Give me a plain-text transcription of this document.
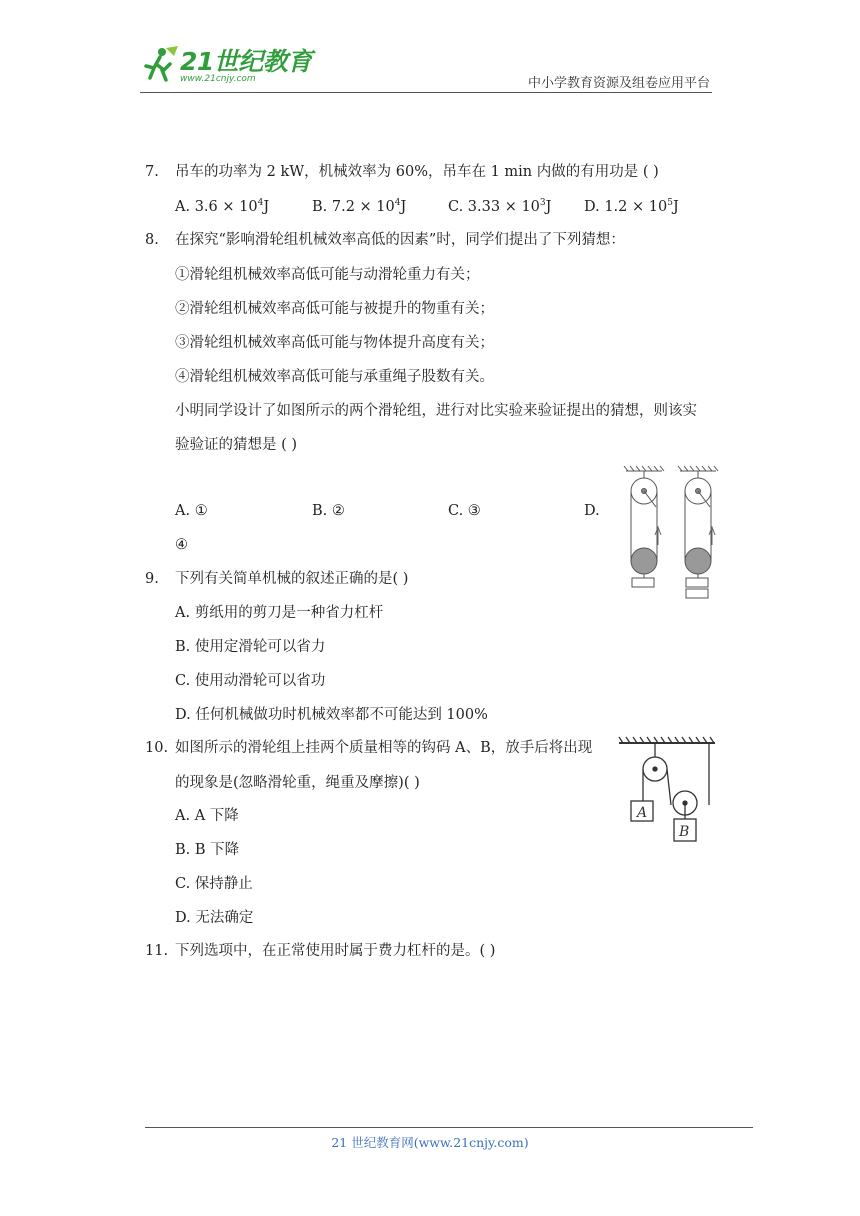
21世纪教育
www.21cnjy.com	中小学教育资源及组卷应用平台
7. 吊车的功率为 2 kW，机械效率为 60%，吊车在 1 min 内做的有用功是 ( )
A. $3.6 \times 10^4J$	B. $7.2 \times 10^4J$	C. $3.33 \times 10^3J$ D. $1.2 \times 10^5J$
8. 在探究“影响滑轮组机械效率高低的因素”时，同学们提出了下列猜想：
①滑轮组机械效率高低可能与动滑轮重力有关；
②滑轮组机械效率高低可能与被提升的物重有关；
③滑轮组机械效率高低可能与物体提升高度有关；
④滑轮组机械效率高低可能与承重绳子股数有关。
小明同学设计了如图所示的两个滑轮组，进行对比实验来验证提出的猜想，则该实
验验证的猜想是 ( )
A. ①	B. ②	C. ③	D.
④
9. 下列有关简单机械的叙述正确的是( )
A. 剪纸用的剪刀是一种省力杠杆
B. 使用定滑轮可以省力
C. 使用动滑轮可以省功
D. 任何机械做功时机械效率都不可能达到 100%
10. 如图所示的滑轮组上挂两个质量相等的钩码 A、B，放手后将出现
的现象是(忽略滑轮重，绳重及摩擦)( )
A. A 下降
B. B 下降
C. 保持静止
D. 无法确定
A
B
11. 下列选项中，在正常使用时属于费力杠杆的是。( )
21 世纪教育网(www.21cnjy.com)
